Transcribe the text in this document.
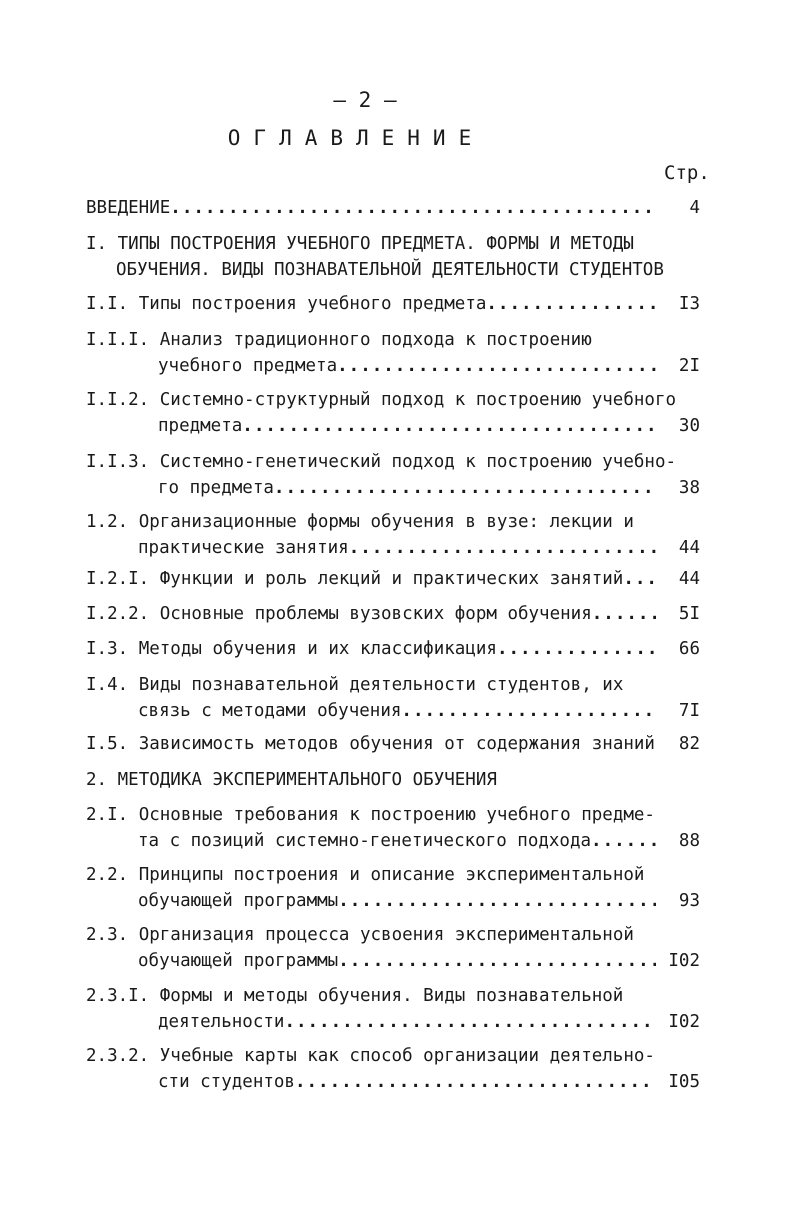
– 2 –
ОГЛАВЛЕНИЕ
Стр.
ВВЕДЕНИЕ .....	4
I. ТИПЫ ПОСТРОЕНИЯ УЧЕБНОГО ПРЕДМЕТА. ФОРМЫ И МЕТОДЫ
ОБУЧЕНИЯ. ВИДЫ ПОЗНАВАТЕЛЬНОЙ ДЕЯТЕЛЬНОСТИ СТУДЕНТОВ
I.I. Типы построения учебного предмета .....	I3
I.I.I. Анализ традиционного подхода к построению
учебного предмета .....	2I
I.I.2. Системно-структурный подход к построению учебного
предмета .....	30
I.I.3. Системно-генетический подход к построению учебно-
го предмета .....	38
1.2. Организационные формы обучения в вузе: лекции и
практические занятия .....	44
I.2.I. Функции и роль лекций и практических занятий .....	44
I.2.2. Основные проблемы вузовских форм обучения .....	5I
I.3. Методы обучения и их классификация .....	66
I.4. Виды познавательной деятельности студентов, их
связь с методами обучения .....	7I
I.5. Зависимость методов обучения от содержания знаний .....	82
2. МЕТОДИКА ЭКСПЕРИМЕНТАЛЬНОГО ОБУЧЕНИЯ
2.I. Основные требования к построению учебного предме-
та с позиций системно-генетического подхода .....	88
2.2. Принципы построения и описание экспериментальной
обучающей программы .....	93
2.3. Организация процесса усвоения экспериментальной
обучающей программы .....	I02
2.3.I. Формы и методы обучения. Виды познавательной
деятельности .....	I02
2.3.2. Учебные карты как способ организации деятельно-
сти студентов .....	I05
